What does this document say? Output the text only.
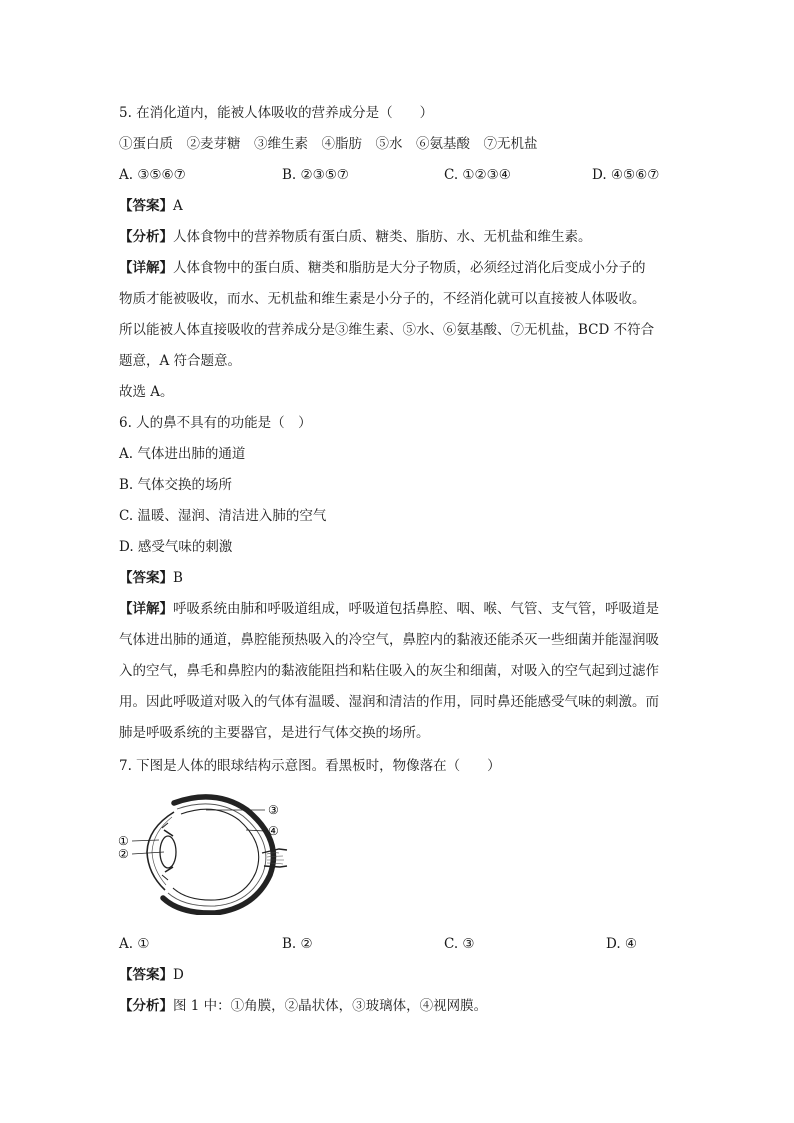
5. 在消化道内，能被人体吸收的营养成分是（　　）
①蛋白质　②麦芽糖　③维生素　④脂肪　⑤水　⑥氨基酸　⑦无机盐
A. ③⑤⑥⑦	B. ②③⑤⑦	C. ①②③④	D. ④⑤⑥⑦
【答案】A
【分析】人体食物中的营养物质有蛋白质、糖类、脂肪、水、无机盐和维生素。
【详解】人体食物中的蛋白质、糖类和脂肪是大分子物质，必须经过消化后变成小分子的
物质才能被吸收，而水、无机盐和维生素是小分子的，不经消化就可以直接被人体吸收。
所以能被人体直接吸收的营养成分是③维生素、⑤水、⑥氨基酸、⑦无机盐，BCD 不符合
题意，A 符合题意。
故选 A。
6. 人的鼻不具有的功能是（　）
A. 气体进出肺的通道
B. 气体交换的场所
C. 温暖、湿润、清洁进入肺的空气
D. 感受气味的刺激
【答案】B
【详解】呼吸系统由肺和呼吸道组成，呼吸道包括鼻腔、咽、喉、气管、支气管，呼吸道是
气体进出肺的通道，鼻腔能预热吸入的冷空气，鼻腔内的黏液还能杀灭一些细菌并能湿润吸
入的空气，鼻毛和鼻腔内的黏液能阻挡和粘住吸入的灰尘和细菌，对吸入的空气起到过滤作
用。因此呼吸道对吸入的气体有温暖、湿润和清洁的作用，同时鼻还能感受气味的刺激。而
肺是呼吸系统的主要器官，是进行气体交换的场所。
7. 下图是人体的眼球结构示意图。看黑板时，物像落在（　　）
③
④
①
②
A. ①	B. ②	C. ③	D. ④
【答案】D
【分析】图 1 中：①角膜，②晶状体，③玻璃体，④视网膜。
